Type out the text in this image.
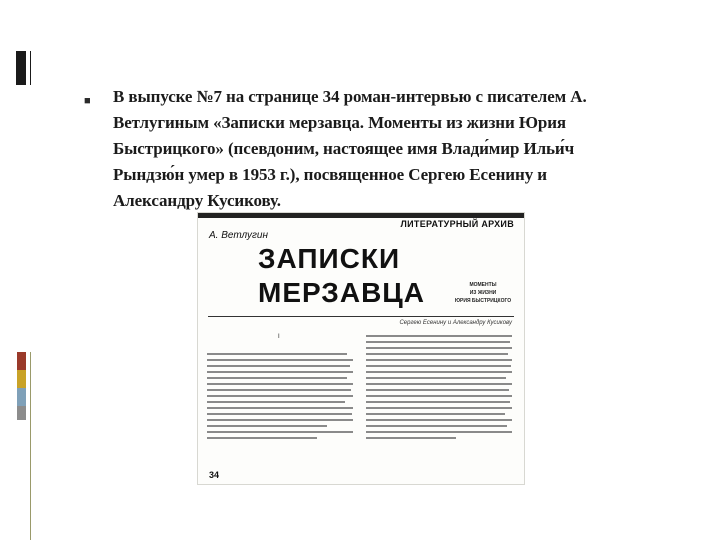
■ В выпуске №7 на странице 34 роман-интервью с писателем А. Ветлугиным «Записки мерзавца. Моменты из жизни Юрия Быстрицкого» (псевдоним, настоящее имя Влади́мир Ильи́ч Рындзю́н умер в 1953 г.), посвященное Сергею Есенину и Александру Кусикову.

ЛИТЕРАТУРНЫЙ АРХИВ
А. Ветлугин
ЗАПИСКИ
МЕРЗАВЦА	МОМЕНТЫ
ИЗ ЖИЗНИ
ЮРИЯ БЫСТРИЦКОГО
Сергею Есенину и Александру Кусикову
I
34
